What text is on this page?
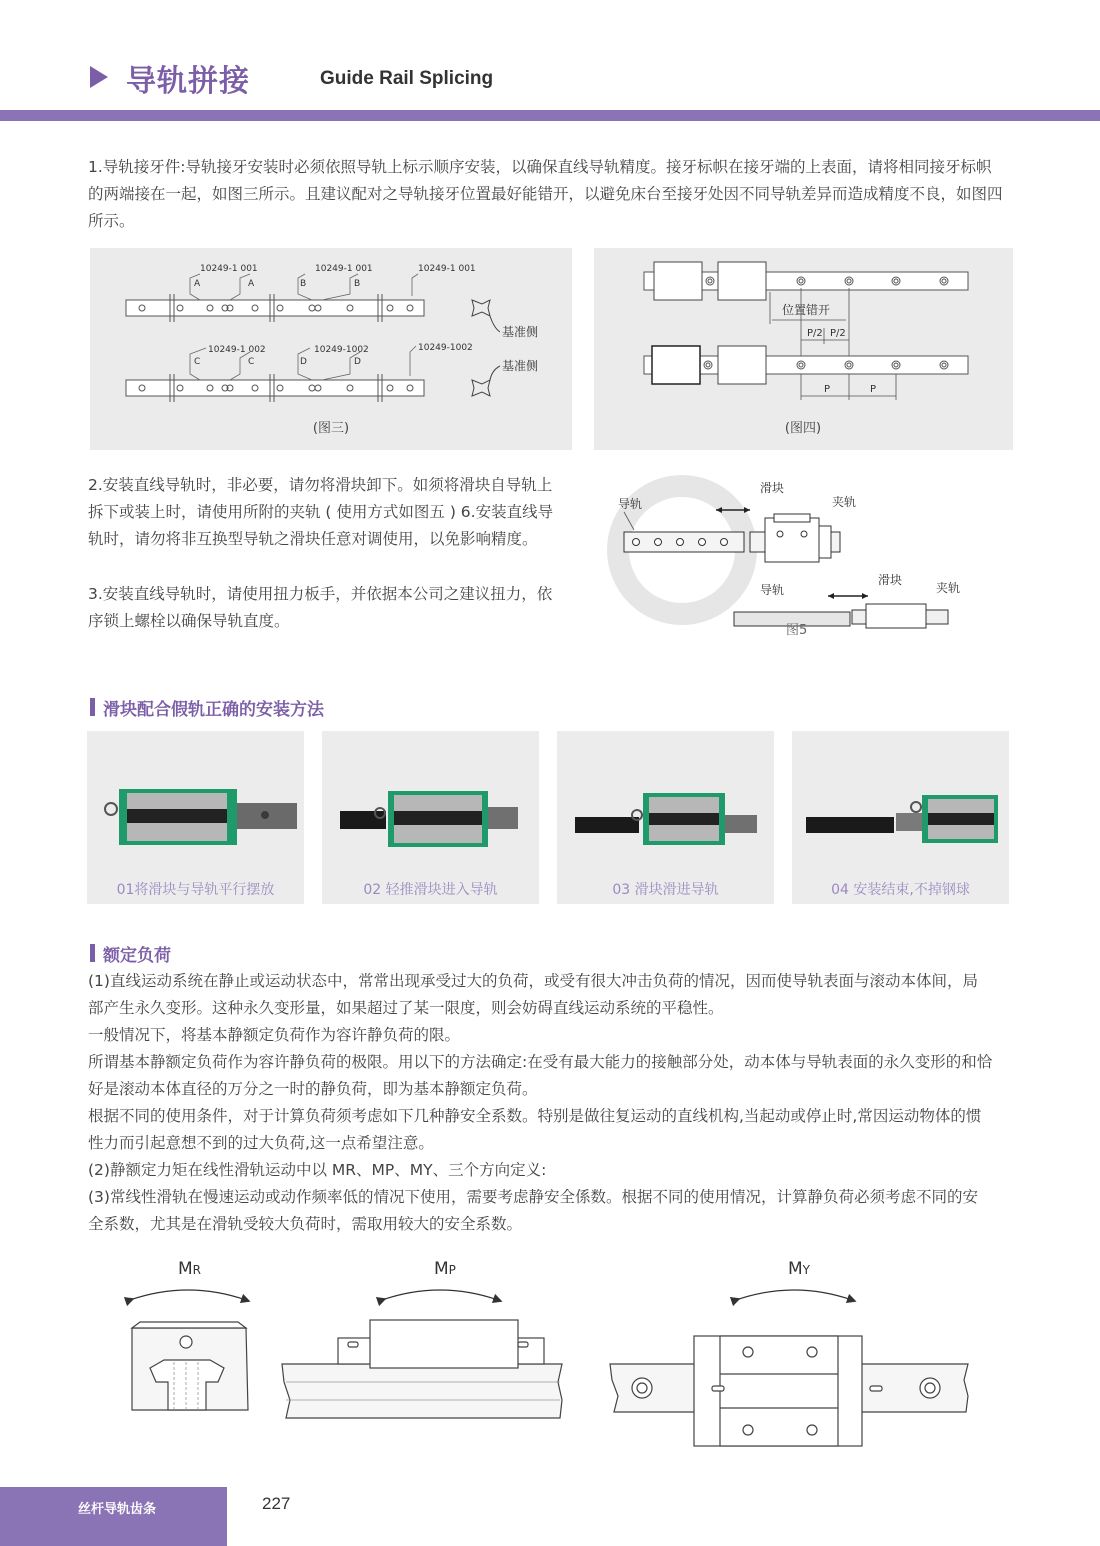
导轨拼接	Guide Rail Splicing
1.导轨接牙件:导轨接牙安装时必须依照导轨上标示顺序安装，以确保直线导轨精度。接牙标帜在接牙端的上表面，请将相同接牙标帜的两端接在一起，如图三所示。且建议配对之导轨接牙位置最好能错开，以避免床台至接牙处因不同导轨差异而造成精度不良，如图四所示。
10249-1 001	10249-1 001	10249-1 001
A	A	B	B
10249-1 002	10249-1002	10249-1002
C	C	D	D
基准侧
基准侧
(图三)
位置错开
P/2 P/2
P	P
(图四)
2.安装直线导轨时，非必要，请勿将滑块卸下。如须将滑块自导轨上拆下或装上时，请使用所附的夹轨 ( 使用方式如图五 ) 6.安装直线导轨时，请勿将非互换型导轨之滑块任意对调使用，以免影响精度。
3.安装直线导轨时，请使用扭力板手，并依据本公司之建议扭力，依序锁上螺栓以确保导轨直度。
导轨
滑块
夹轨
导轨
滑块
夹轨
图5
滑块配合假轨正确的安装方法
01将滑块与导轨平行摆放	02 轻推滑块进入导轨	03 滑块滑进导轨	04 安装结束,不掉钢球
额定负荷
(1)直线运动系统在静止或运动状态中，常常出现承受过大的负荷，或受有很大冲击负荷的情况，因而使导轨表面与滚动本体间，局部产生永久变形。这种永久变形量，如果超过了某一限度，则会妨碍直线运动系统的平稳性。
一般情况下，将基本静额定负荷作为容许静负荷的限。
所谓基本静额定负荷作为容许静负荷的极限。用以下的方法确定:在受有最大能力的接触部分处，动本体与导轨表面的永久变形的和恰好是滚动本体直径的万分之一时的静负荷，即为基本静额定负荷。
根据不同的使用条件，对于计算负荷须考虑如下几种静安全系数。特别是做往复运动的直线机构,当起动或停止时,常因运动物体的惯性力而引起意想不到的过大负荷,这一点希望注意。
(2)静额定力矩在线性滑轨运动中以 MR、MP、MY、三个方向定义:
(3)常线性滑轨在慢速运动或动作频率低的情况下使用，需要考虑静安全係数。根据不同的使用情况，计算静负荷必须考虑不同的安全系数，尤其是在滑轨受较大负荷时，需取用较大的安全系数。
MR	MP	MY
丝杆导轨齿条	227
